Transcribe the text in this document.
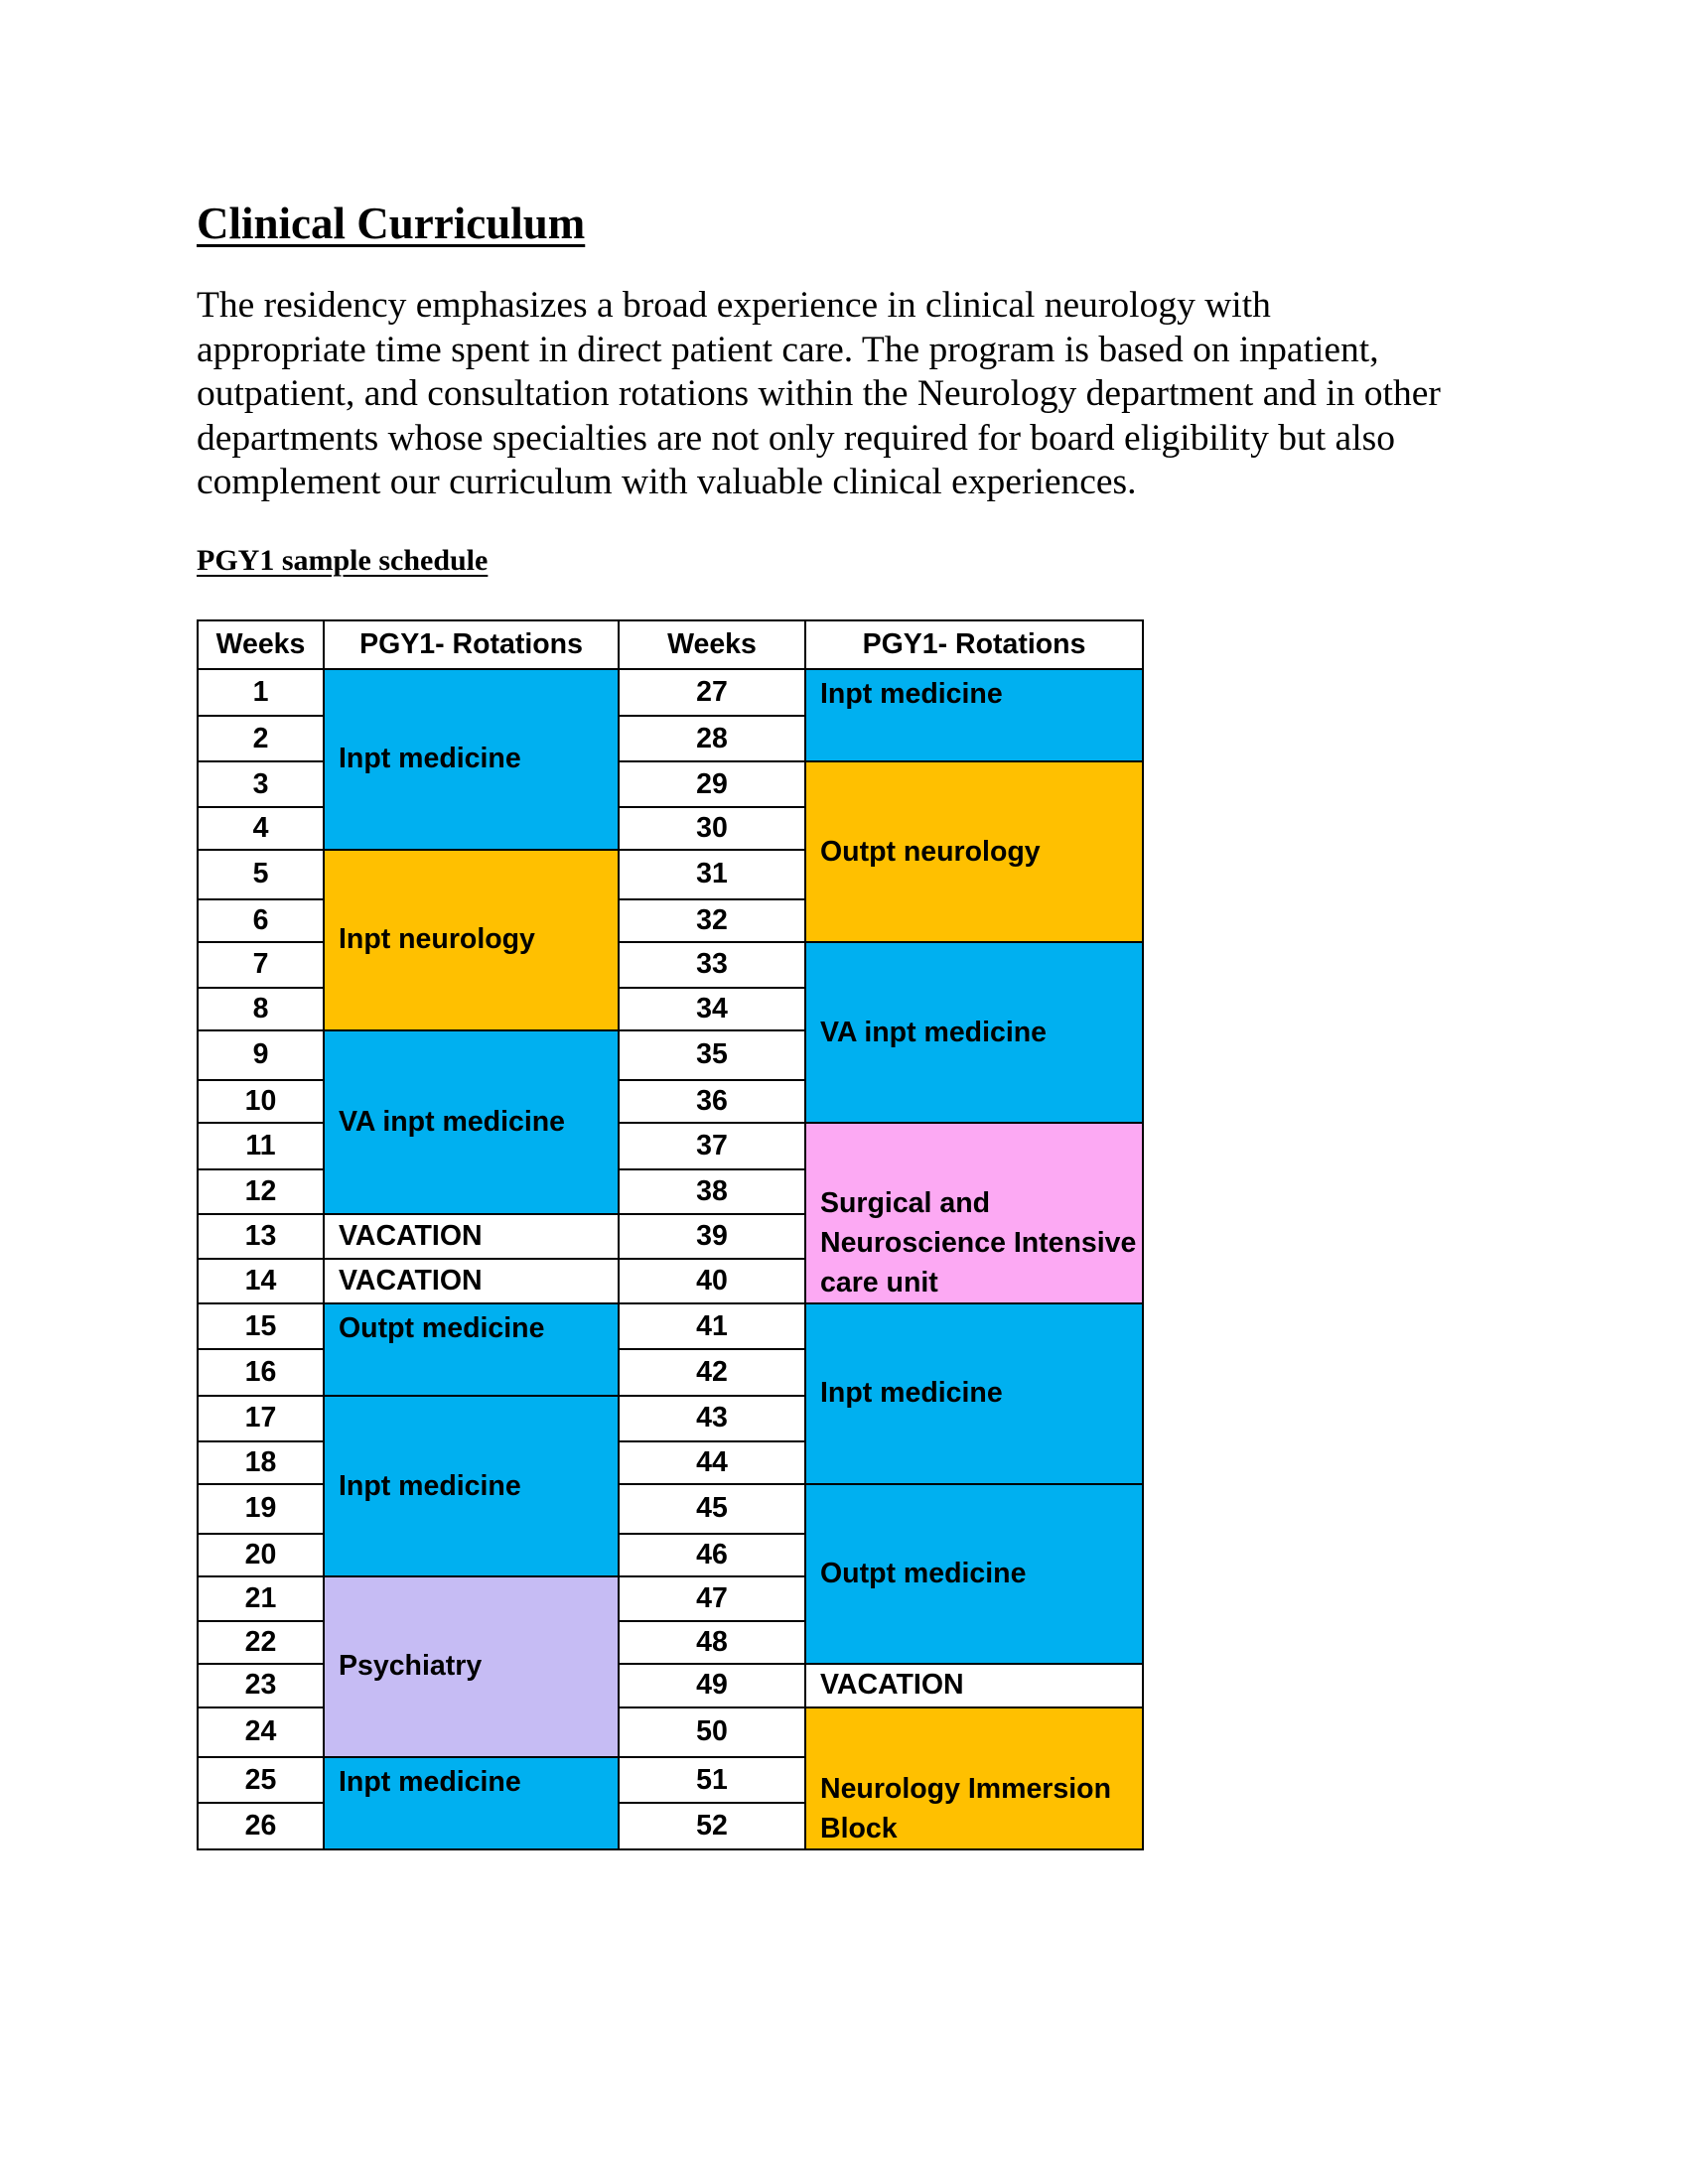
Clinical Curriculum

The residency emphasizes a broad experience in clinical neurology with
appropriate time spent in direct patient care. The program is based on inpatient,
outpatient, and consultation rotations within the Neurology department and in other
departments whose specialties are not only required for board eligibility but also
complement our curriculum with valuable clinical experiences.

PGY1 sample schedule
Weeks	PGY1- Rotations	Weeks	PGY1- Rotations
1	Inpt medicine	27	Inpt medicine
2		28	
3		29	Outpt neurology
4		30	
5	Inpt neurology	31	
6		32	
7		33	VA inpt medicine
8		34	
9	VA inpt medicine	35	
10		36	
11		37	Surgical and Neuroscience Intensive care unit
12		38	
13	VACATION	39	
14	VACATION	40	
15	Outpt medicine	41	Inpt medicine
16		42	
17	Inpt medicine	43	
18		44	
19		45	Outpt medicine
20		46	
21	Psychiatry	47	
22		48	
23		49	VACATION
24		50	Neurology Immersion Block
25	Inpt medicine	51	
26		52	
